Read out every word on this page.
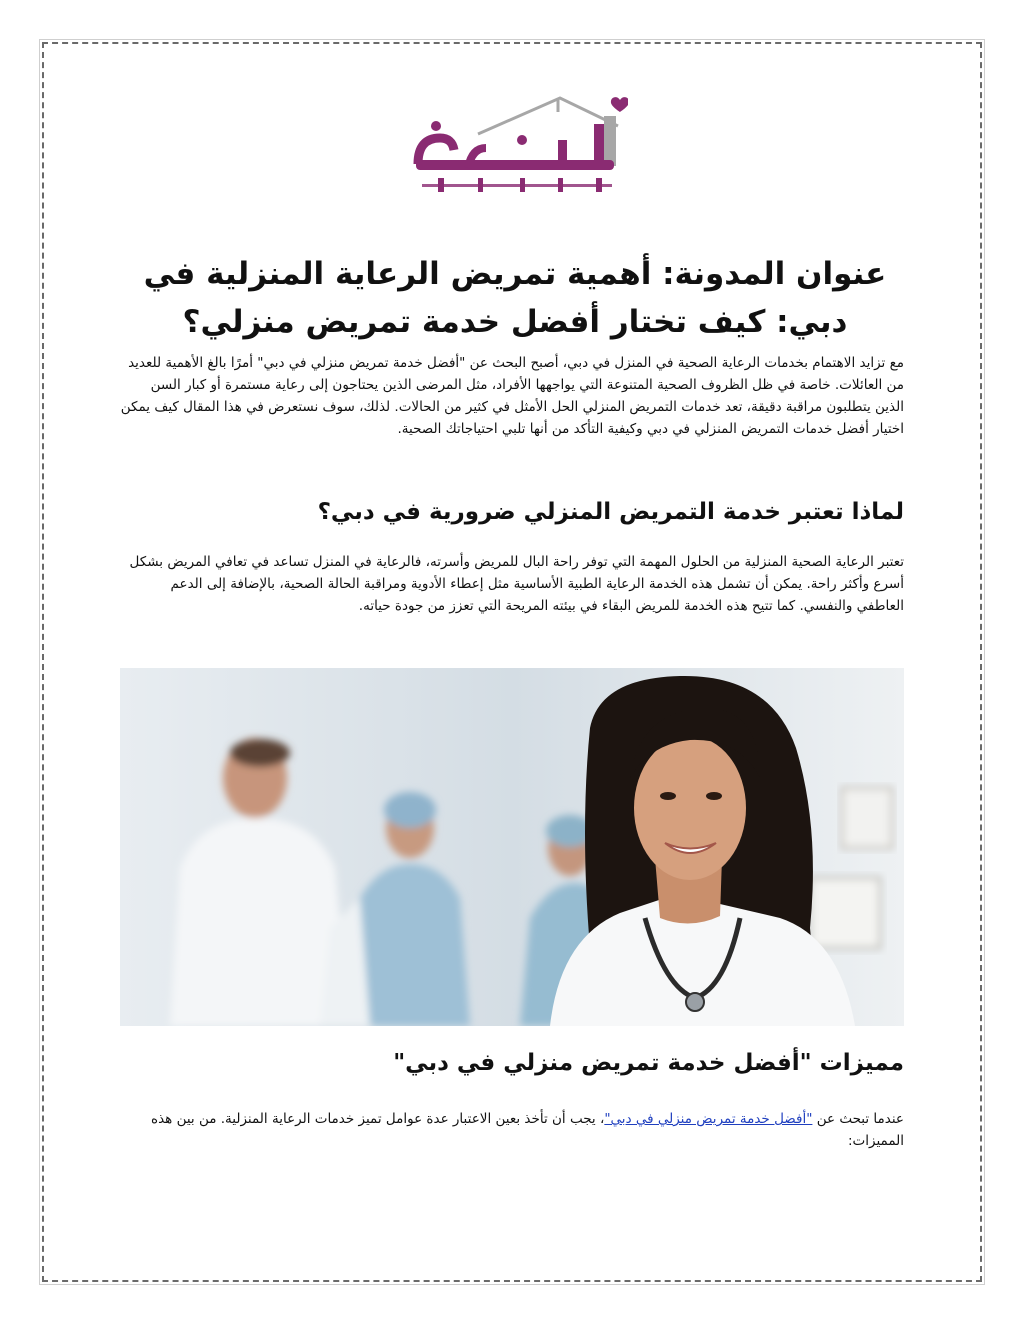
عنوان المدونة: أهمية تمريض الرعاية المنزلية في دبي: كيف تختار أفضل خدمة تمريض منزلي؟

مع تزايد الاهتمام بخدمات الرعاية الصحية في المنزل في دبي، أصبح البحث عن "أفضل خدمة تمريض منزلي في دبي" أمرًا بالغ الأهمية للعديد من العائلات. خاصة في ظل الظروف الصحية المتنوعة التي يواجهها الأفراد، مثل المرضى الذين يحتاجون إلى رعاية مستمرة أو كبار السن الذين يتطلبون مراقبة دقيقة، تعد خدمات التمريض المنزلي الحل الأمثل في كثير من الحالات. لذلك، سوف نستعرض في هذا المقال كيف يمكن اختيار أفضل خدمات التمريض المنزلي في دبي وكيفية التأكد من أنها تلبي احتياجاتك الصحية.

لماذا تعتبر خدمة التمريض المنزلي ضرورية في دبي؟

تعتبر الرعاية الصحية المنزلية من الحلول المهمة التي توفر راحة البال للمريض وأسرته، فالرعاية في المنزل تساعد في تعافي المريض بشكل أسرع وأكثر راحة. يمكن أن تشمل هذه الخدمة الرعاية الطبية الأساسية مثل إعطاء الأدوية ومراقبة الحالة الصحية، بالإضافة إلى الدعم العاطفي والنفسي. كما تتيح هذه الخدمة للمريض البقاء في بيئته المريحة التي تعزز من جودة حياته.

مميزات "أفضل خدمة تمريض منزلي في دبي"

عندما تبحث عن "أفضل خدمة تمريض منزلي في دبي"، يجب أن تأخذ بعين الاعتبار عدة عوامل تميز خدمات الرعاية المنزلية. من بين هذه المميزات:
